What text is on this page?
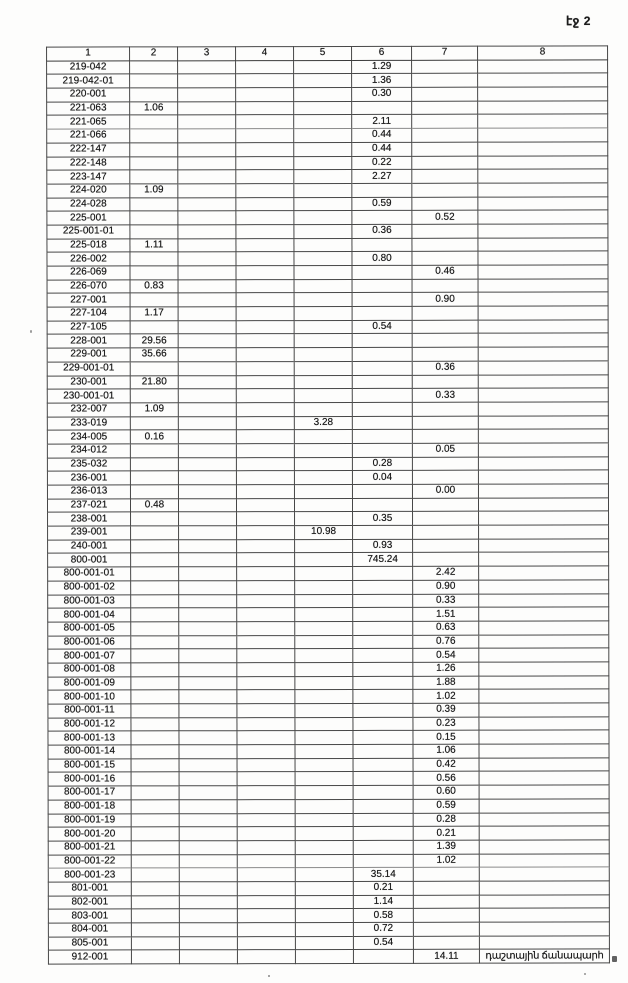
էջ 2
1	2	3	4	5	6	7	8
219-042					1.29		
219-042-01					1.36		
220-001					0.30		
221-063	1.06						
221-065					2.11		
221-066					0.44		
222-147					0.44		
222-148					0.22		
223-147					2.27		
224-020	1.09						
224-028					0.59		
225-001						0.52	
225-001-01					0.36		
225-018	1.11						
226-002					0.80		
226-069						0.46	
226-070	0.83						
227-001						0.90	
227-104	1.17						
227-105					0.54		
228-001	29.56						
229-001	35.66						
229-001-01						0.36	
230-001	21.80						
230-001-01						0.33	
232-007	1.09						
233-019				3.28			
234-005	0.16						
234-012						0.05	
235-032					0.28		
236-001					0.04		
236-013						0.00	
237-021	0.48						
238-001					0.35		
239-001				10.98			
240-001					0.93		
800-001					745.24		
800-001-01						2.42	
800-001-02						0.90	
800-001-03						0.33	
800-001-04						1.51	
800-001-05						0.63	
800-001-06						0.76	
800-001-07						0.54	
800-001-08						1.26	
800-001-09						1.88	
800-001-10						1.02	
800-001-11						0.39	
800-001-12						0.23	
800-001-13						0.15	
800-001-14						1.06	
800-001-15						0.42	
800-001-16						0.56	
800-001-17						0.60	
800-001-18						0.59	
800-001-19						0.28	
800-001-20						0.21	
800-001-21						1.39	
800-001-22						1.02	
800-001-23					35.14		
801-001					0.21		
802-001					1.14		
803-001					0.58		
804-001					0.72		
805-001					0.54		
912-001						14.11	դաշտային ճանապարհ
